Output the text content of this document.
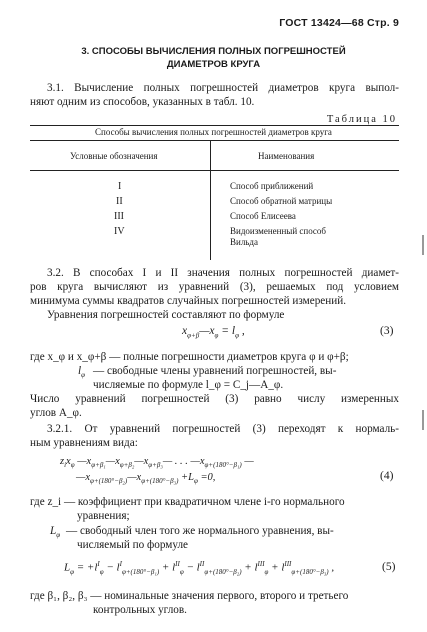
ГОСТ 13424—68 Стр. 9
3. СПОСОБЫ ВЫЧИСЛЕНИЯ ПОЛНЫХ ПОГРЕШНОСТЕЙ
ДИАМЕТРОВ КРУГА
3.1. Вычисление полных погрешностей диаметров круга выпол-
няют одним из способов, указанных в табл. 10.
Таблица 10
Способы вычисления полных погрешностей диаметров круга
Условные обозначения	Наименования
I	Способ приближений
II	Способ обратной матрицы
III	Способ Елисеева
IV	Видоизмененный способ
Вильда
3.2. В способах I и II значения полных погрешностей диамет-
ров круга вычисляют из уравнений (3), решаемых под условием
минимума суммы квадратов случайных погрешностей измерений.
Уравнения погрешностей составляют по формуле
$x_{\varphi+\beta}—x_\varphi = l_\varphi$ ,	(3)
где x_φ и x_φ+β — полные погрешности диаметров круга φ и φ+β;
$l_\varphi$ — свободные члены уравнений погрешностей, вы-
числяемые по формуле l_φ = C_j—A_φ.
Число уравнений погрешностей (3) равно числу измеренных
углов A_φ.
3.2.1. От уравнений погрешностей (3) переходят к нормаль-
ным уравнениям вида:
$z_ix_\varphi$ $—x_{\varphi+\beta_1}—x_{\varphi+\beta_2}—x_{\varphi+\beta_3}—$ . . . $—x_{\varphi+(180^\circ-\beta_1)}$ —
$—x_{\varphi+(180^\circ-\beta_2)}—x_{\varphi+(180^\circ-\beta_3)} +L_\varphi =0$,	(4)
где z_i — коэффициент при квадратичном члене i-го нормального
уравнения;
$L_\varphi$ — свободный член того же нормального уравнения, вы-
числяемый по формуле
$L_\varphi = +l^I_\varphi - l^I_{\varphi+(180^\circ-\beta_1)} + l^{II}_\varphi - l^{II}_{\varphi+(180^\circ-\beta_2)} + l^{III}_\varphi + l^{III}_{\varphi+(180^\circ-\beta_3)}$ ,	(5)
где β₁, β₂, β₃ — номинальные значения первого, второго и третьего
контрольных углов.
